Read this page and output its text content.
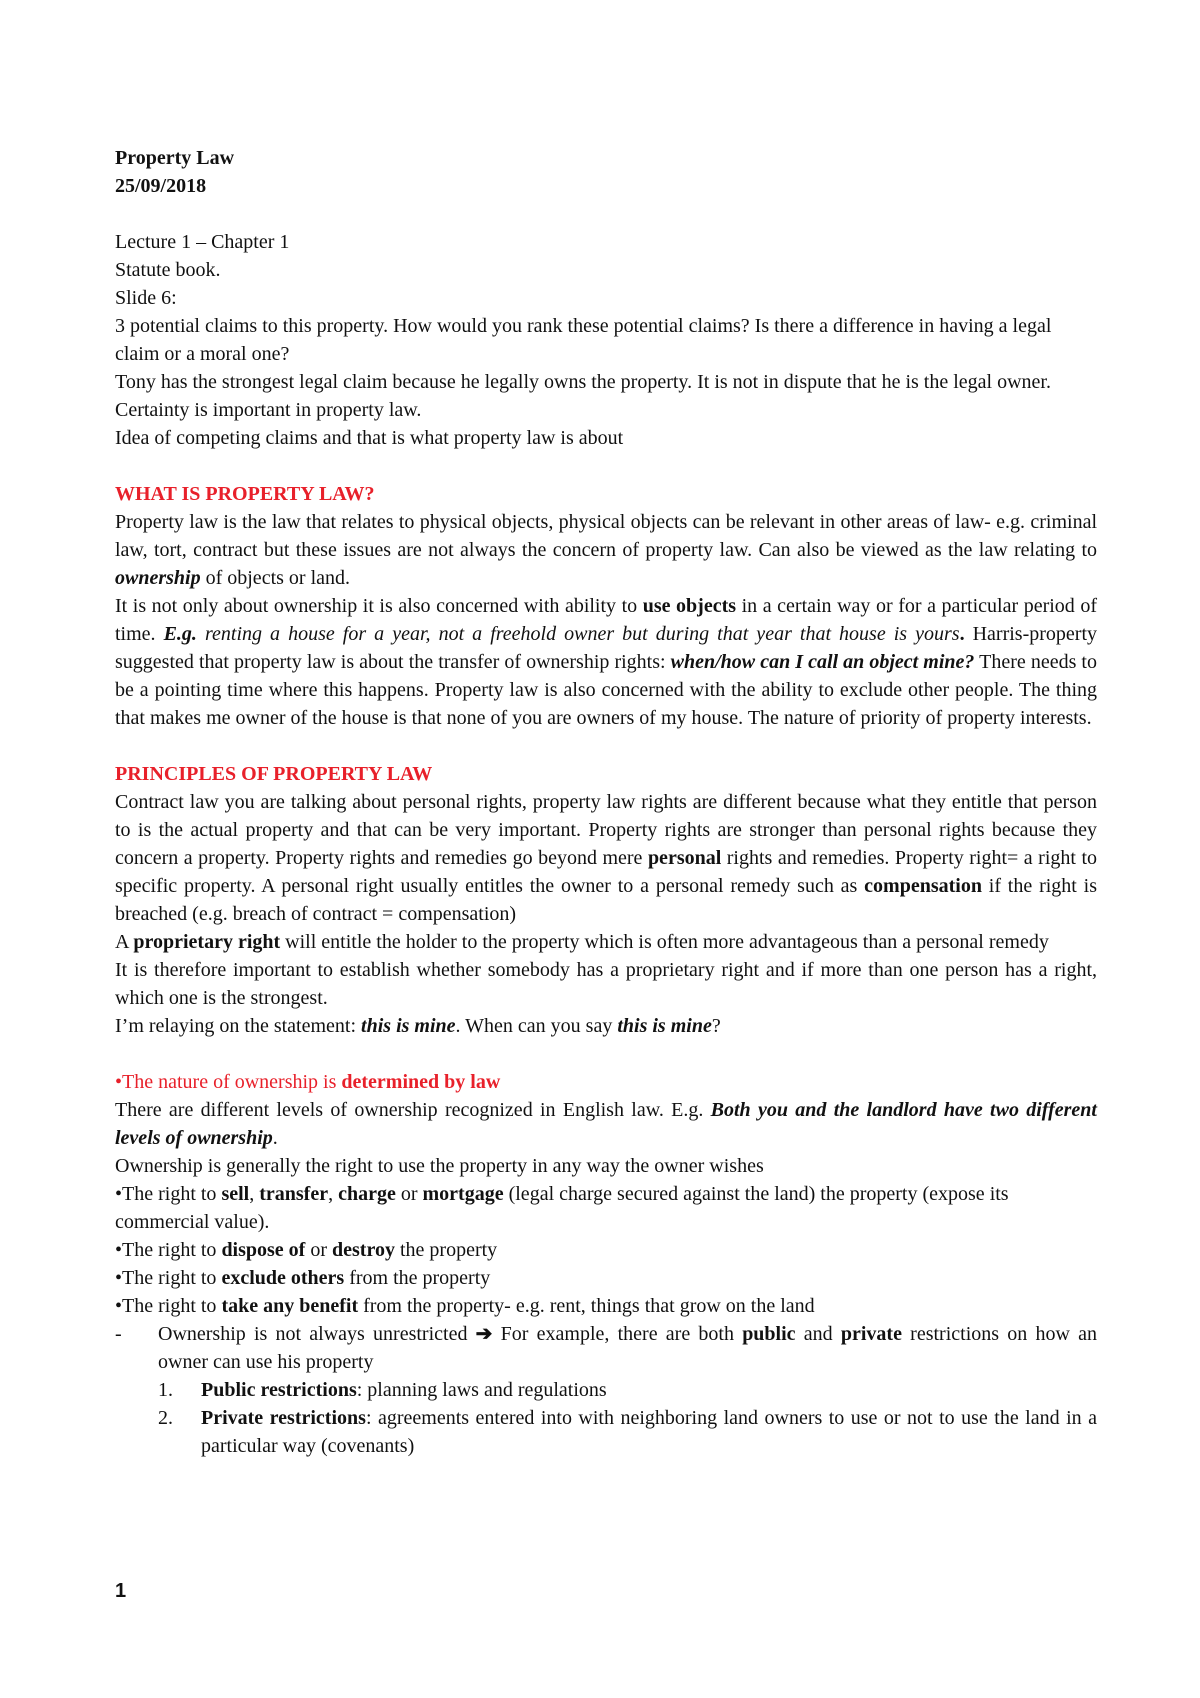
Property Law

25/09/2018

Lecture 1 – Chapter 1

Statute book.

Slide 6:

3 potential claims to this property. How would you rank these potential claims? Is there a difference in having a legal claim or a moral one?

Tony has the strongest legal claim because he legally owns the property. It is not in dispute that he is the legal owner. Certainty is important in property law.

Idea of competing claims and that is what property law is about

WHAT IS PROPERTY LAW?

Property law is the law that relates to physical objects, physical objects can be relevant in other areas of law- e.g. criminal law, tort, contract but these issues are not always the concern of property law. Can also be viewed as the law relating to ownership of objects or land.

It is not only about ownership it is also concerned with ability to use objects in a certain way or for a particular period of time. E.g. renting a house for a year, not a freehold owner but during that year that house is yours. Harris-property suggested that property law is about the transfer of ownership rights: when/how can I call an object mine? There needs to be a pointing time where this happens. Property law is also concerned with the ability to exclude other people. The thing that makes me owner of the house is that none of you are owners of my house. The nature of priority of property interests.

PRINCIPLES OF PROPERTY LAW

Contract law you are talking about personal rights, property law rights are different because what they entitle that person to is the actual property and that can be very important. Property rights are stronger than personal rights because they concern a property. Property rights and remedies go beyond mere personal rights and remedies. Property right= a right to specific property. A personal right usually entitles the owner to a personal remedy such as compensation if the right is breached (e.g. breach of contract = compensation)

A proprietary right will entitle the holder to the property which is often more advantageous than a personal remedy

It is therefore important to establish whether somebody has a proprietary right and if more than one person has a right, which one is the strongest.

I’m relaying on the statement: this is mine. When can you say this is mine?

•The nature of ownership is determined by law

There are different levels of ownership recognized in English law. E.g. Both you and the landlord have two different levels of ownership.

Ownership is generally the right to use the property in any way the owner wishes

•The right to sell, transfer, charge or mortgage (legal charge secured against the land) the property (expose its commercial value).

•The right to dispose of or destroy the property

•The right to exclude others from the property

•The right to take any benefit from the property- e.g. rent, things that grow on the land

- Ownership is not always unrestricted ➔ For example, there are both public and private restrictions on how an owner can use his property
1. Public restrictions: planning laws and regulations
2. Private restrictions: agreements entered into with neighboring land owners to use or not to use the land in a particular way (covenants)
1
